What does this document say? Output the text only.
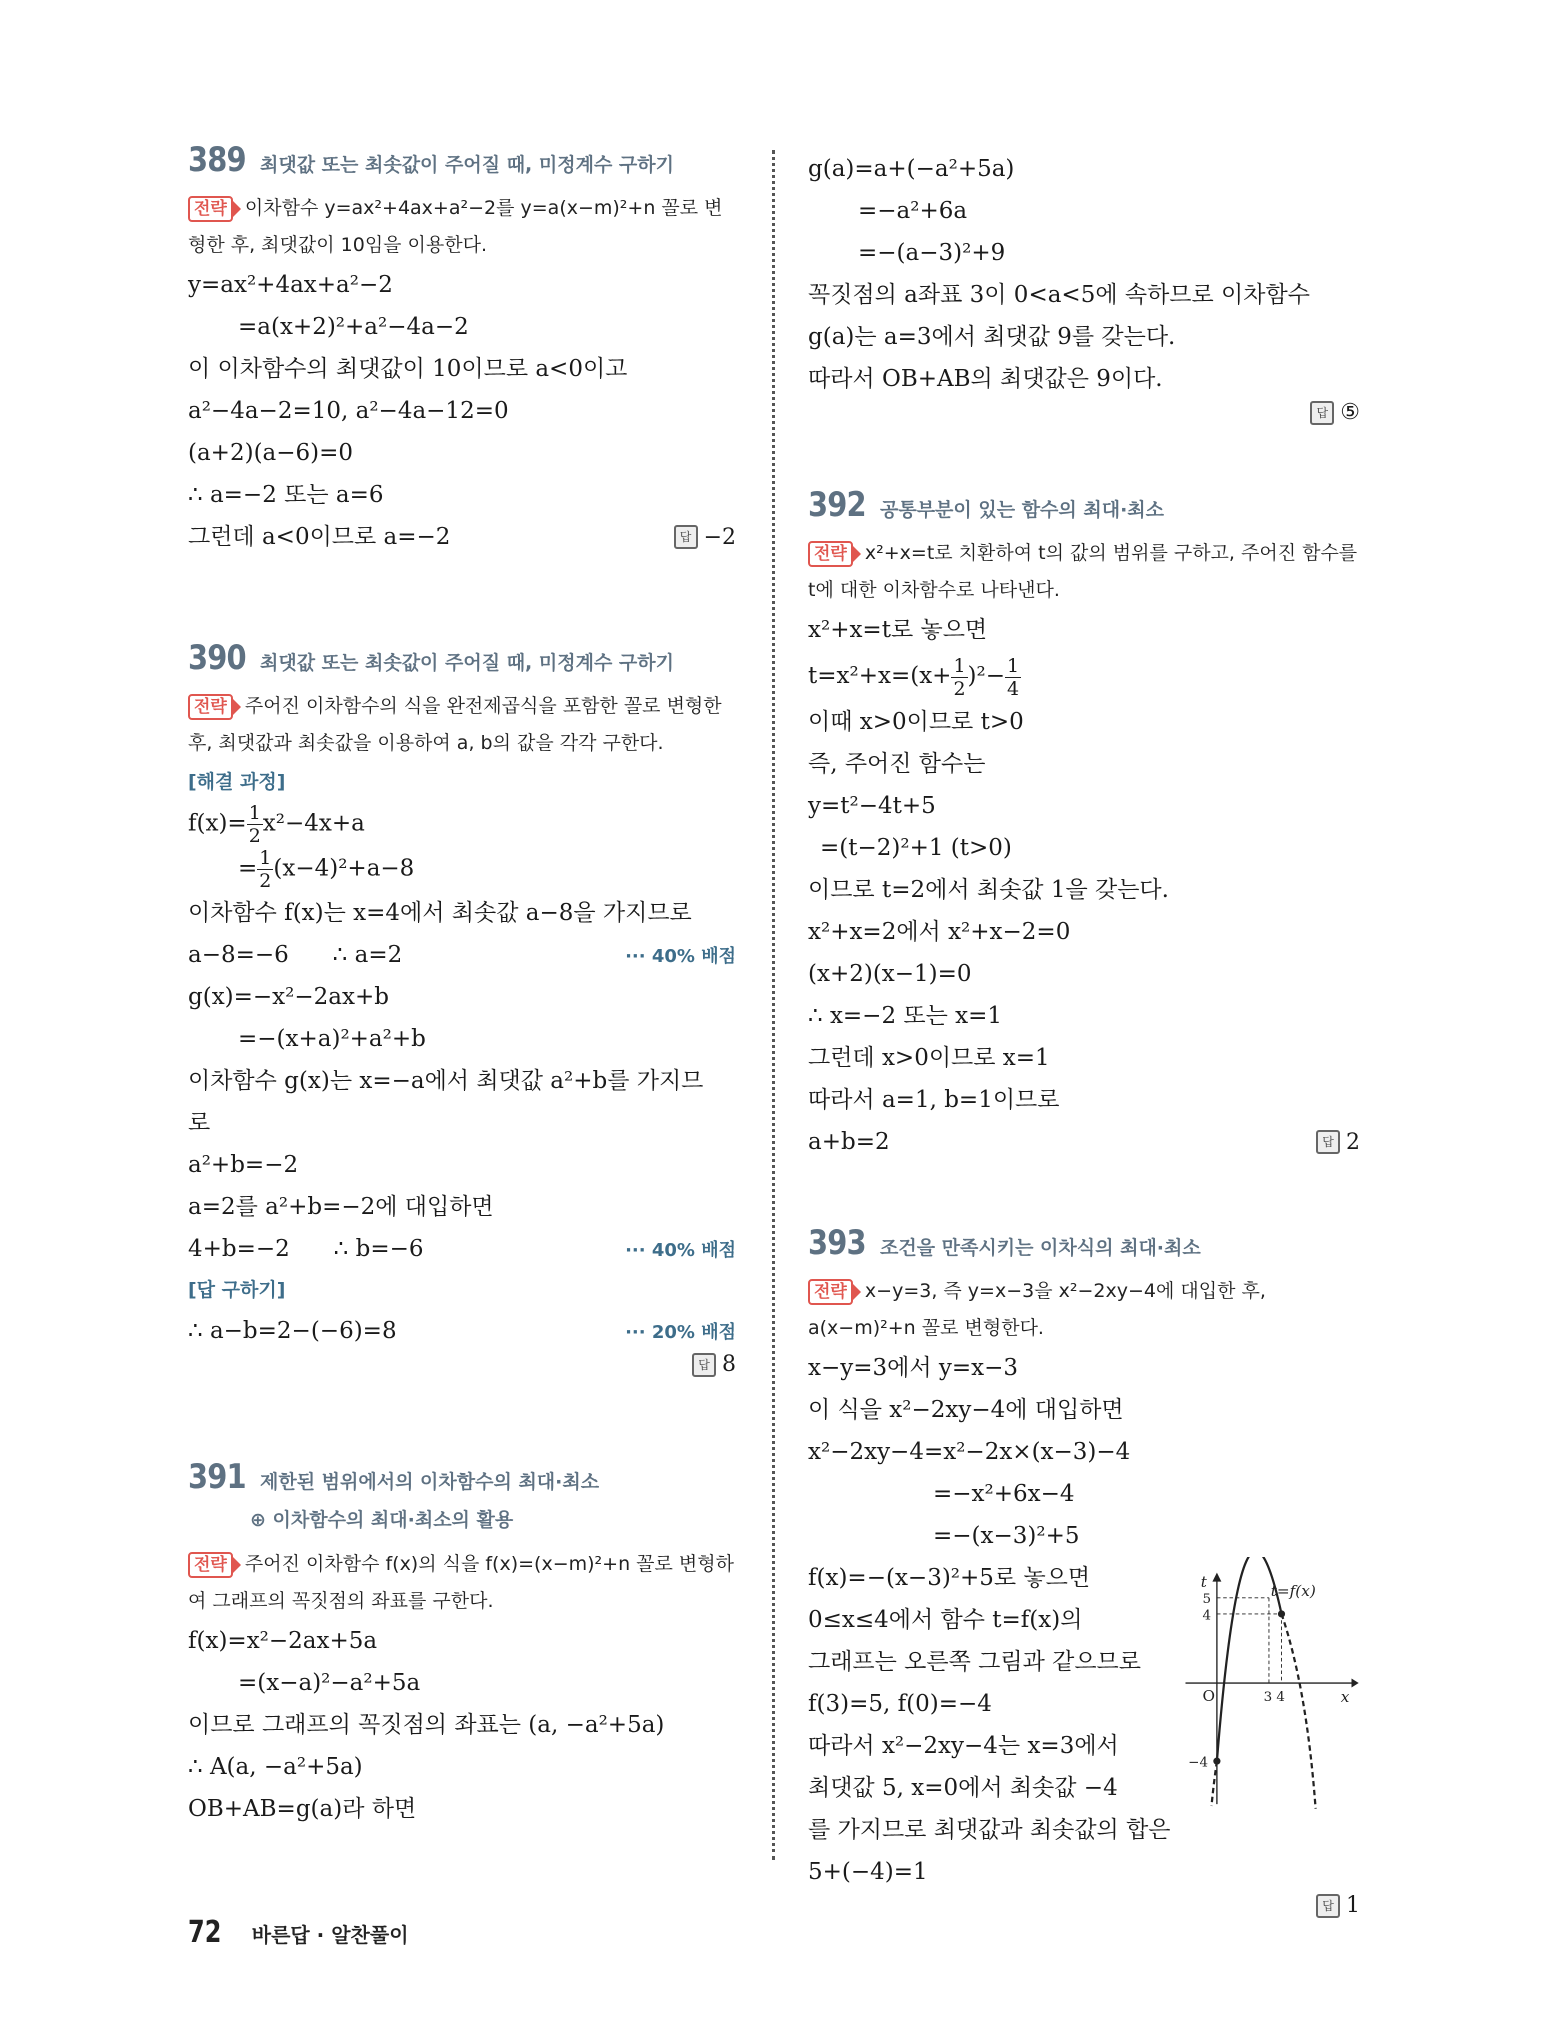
389 최댓값 또는 최솟값이 주어질 때, 미정계수 구하기
전략 이차함수 y=ax²+4ax+a²−2를 y=a(x−m)²+n 꼴로 변형한 후, 최댓값이 10임을 이용한다.
y=ax²+4ax+a²−2
=a(x+2)²+a²−4a−2
이 이차함수의 최댓값이 10이므로 a<0이고
a²−4a−2=10, a²−4a−12=0
(a+2)(a−6)=0
∴ a=−2 또는 a=6
그런데 a<0이므로 a=−2	답 −2
390 최댓값 또는 최솟값이 주어질 때, 미정계수 구하기
전략 주어진 이차함수의 식을 완전제곱식을 포함한 꼴로 변형한 후, 최댓값과 최솟값을 이용하여 a, b의 값을 각각 구한다.
[해결 과정]
$f(x)= \frac{1}{2} x^2-4x+a$
= $\frac{1}{2} (x-4)^2+a-8$
이차함수 f(x)는 x=4에서 최솟값 a−8을 가지므로
a−8=−6      ∴ a=2	··· 40% 배점
g(x)=−x²−2ax+b
=−(x+a)²+a²+b
이차함수 g(x)는 x=−a에서 최댓값 a²+b를 가지므
로
a²+b=−2
a=2를 a²+b=−2에 대입하면
4+b=−2      ∴ b=−6	··· 40% 배점
[답 구하기]
∴ a−b=2−(−6)=8	··· 20% 배점
답 8
391 제한된 범위에서의 이차함수의 최대·최소
⊕ 이차함수의 최대·최소의 활용
전략 주어진 이차함수 f(x)의 식을 f(x)=(x−m)²+n 꼴로 변형하여 그래프의 꼭짓점의 좌표를 구한다.
f(x)=x²−2ax+5a
=(x−a)²−a²+5a
이므로 그래프의 꼭짓점의 좌표는 (a, −a²+5a)
∴ A(a, −a²+5a)
OB+AB=g(a)라 하면
g(a)=a+(−a²+5a)
=−a²+6a
=−(a−3)²+9
꼭짓점의 a좌표 3이 0<a<5에 속하므로 이차함수
g(a)는 a=3에서 최댓값 9를 갖는다.
따라서 OB+AB의 최댓값은 9이다.
답 ⑤
392 공통부분이 있는 함수의 최대·최소
전략 x²+x=t로 치환하여 t의 값의 범위를 구하고, 주어진 함수를 t에 대한 이차함수로 나타낸다.
x²+x=t로 놓으면
$t=x^2+x=(x+ \frac{1}{2} )^2- \frac{1}{4}$
이때 x>0이므로 t>0
즉, 주어진 함수는
y=t²−4t+5
=(t−2)²+1 (t>0)
이므로 t=2에서 최솟값 1을 갖는다.
x²+x=2에서 x²+x−2=0
(x+2)(x−1)=0
∴ x=−2 또는 x=1
그런데 x>0이므로 x=1
따라서 a=1, b=1이므로
a+b=2	답 2
393 조건을 만족시키는 이차식의 최대·최소
전략 x−y=3, 즉 y=x−3을 x²−2xy−4에 대입한 후, a(x−m)²+n 꼴로 변형한다.
x−y=3에서 y=x−3
이 식을 x²−2xy−4에 대입하면
x²−2xy−4=x²−2x×(x−3)−4
=−x²+6x−4
=−(x−3)²+5
f(x)=−(x−3)²+5로 놓으면
0≤x≤4에서 함수 t=f(x)의
그래프는 오른쪽 그림과 같으므로
f(3)=5, f(0)=−4
따라서 x²−2xy−4는 x=3에서
최댓값 5, x=0에서 최솟값 −4
를 가지므로 최댓값과 최솟값의 합은
5+(−4)=1
t
x
O
5
4
−4
3 4
t=f(x)
답 1
72 바른답 · 알찬풀이
